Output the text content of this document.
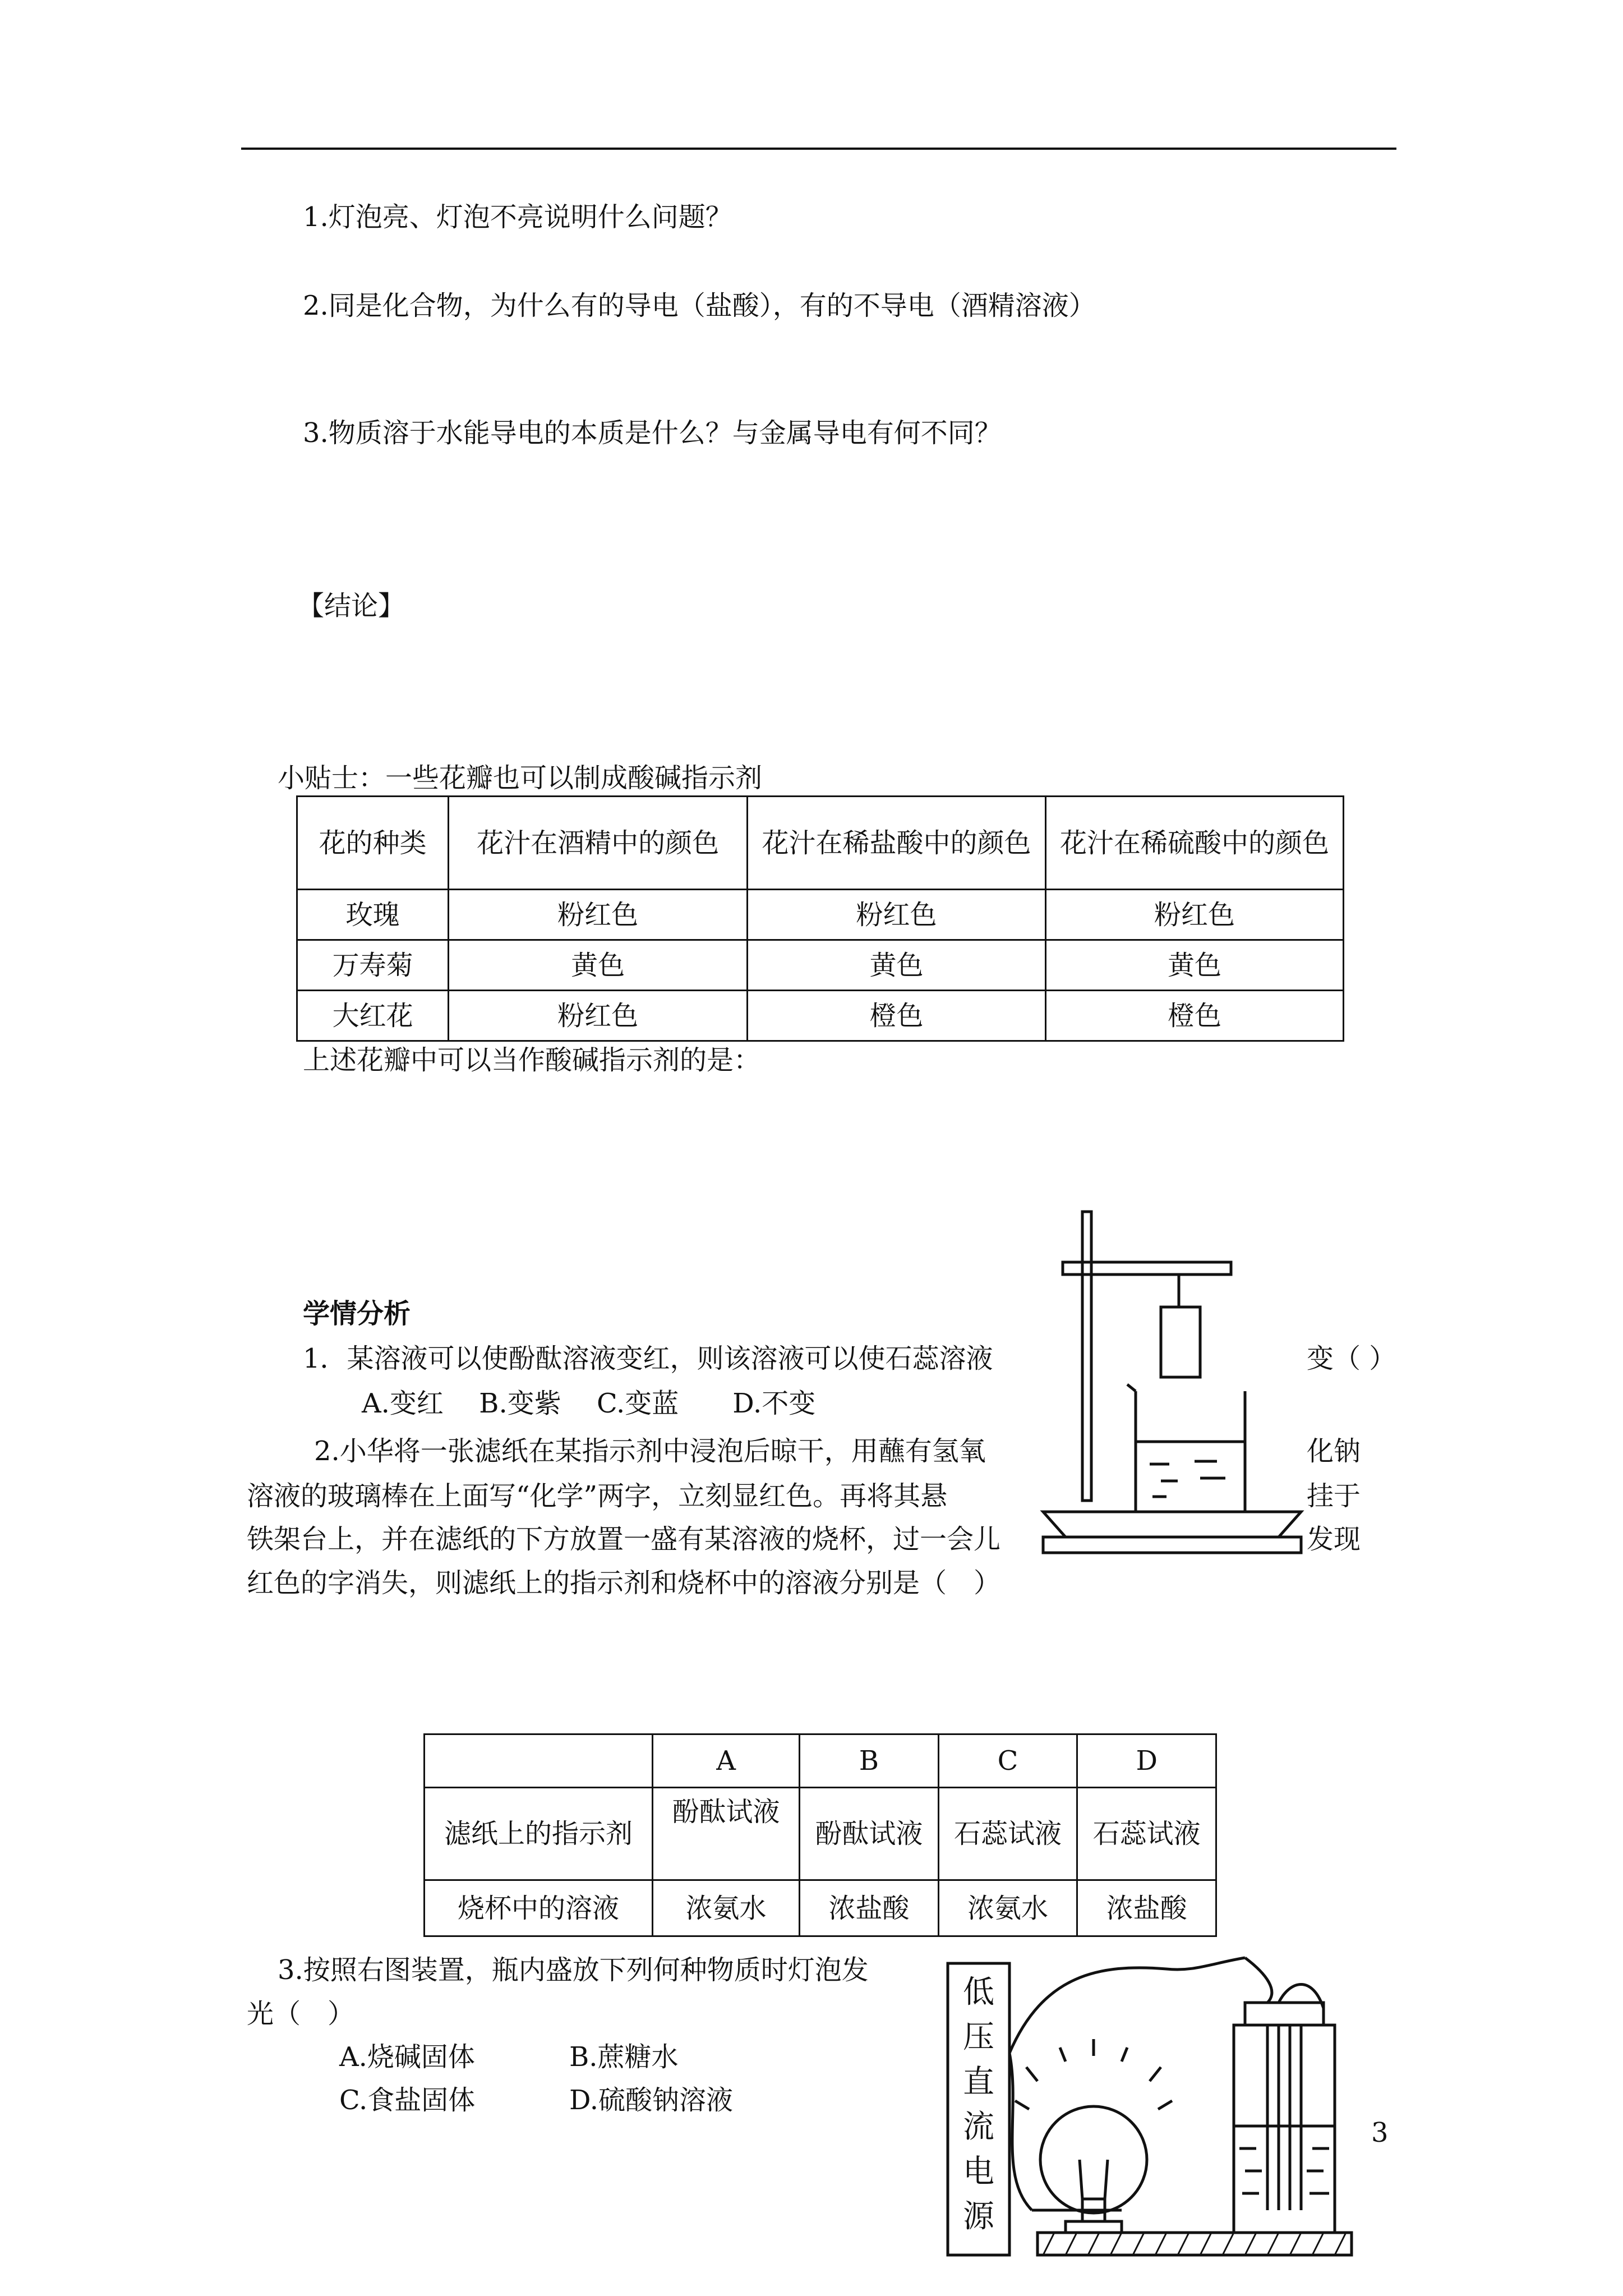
1.灯泡亮、灯泡不亮说明什么问题？
2.同是化合物，为什么有的导电（盐酸），有的不导电（酒精溶液）
3.物质溶于水能导电的本质是什么？与金属导电有何不同？
【结论】
小贴士：一些花瓣也可以制成酸碱指示剂
花的种类	花汁在酒精中的颜色	花汁在稀盐酸中的颜色	花汁在稀硫酸中的颜色
玫瑰	粉红色	粉红色	粉红色
万寿菊	黄色	黄色	黄色
大红花	粉红色	橙色	橙色
上述花瓣中可以当作酸碱指示剂的是：
学情分析
1．某溶液可以使酚酞溶液变红，则该溶液可以使石蕊溶液	变（ ）
A.变红　 B.变紫　 C.变蓝　　D.不变
2.小华将一张滤纸在某指示剂中浸泡后晾干，用蘸有氢氧	化钠
溶液的玻璃棒在上面写“化学”两字，立刻显红色。再将其悬	挂于
铁架台上，并在滤纸的下方放置一盛有某溶液的烧杯，过一会儿	发现
红色的字消失，则滤纸上的指示剂和烧杯中的溶液分别是（　）
	A	B	C	D
滤纸上的指示剂	酚酞试液	酚酞试液	石蕊试液	石蕊试液
烧杯中的溶液	浓氨水	浓盐酸	浓氨水	浓盐酸
3.按照右图装置，瓶内盛放下列何种物质时灯泡发
光（　）
A.烧碱固体	B.蔗糖水
C.食盐固体	D.硫酸钠溶液
低
压
直
流
电
源
3
